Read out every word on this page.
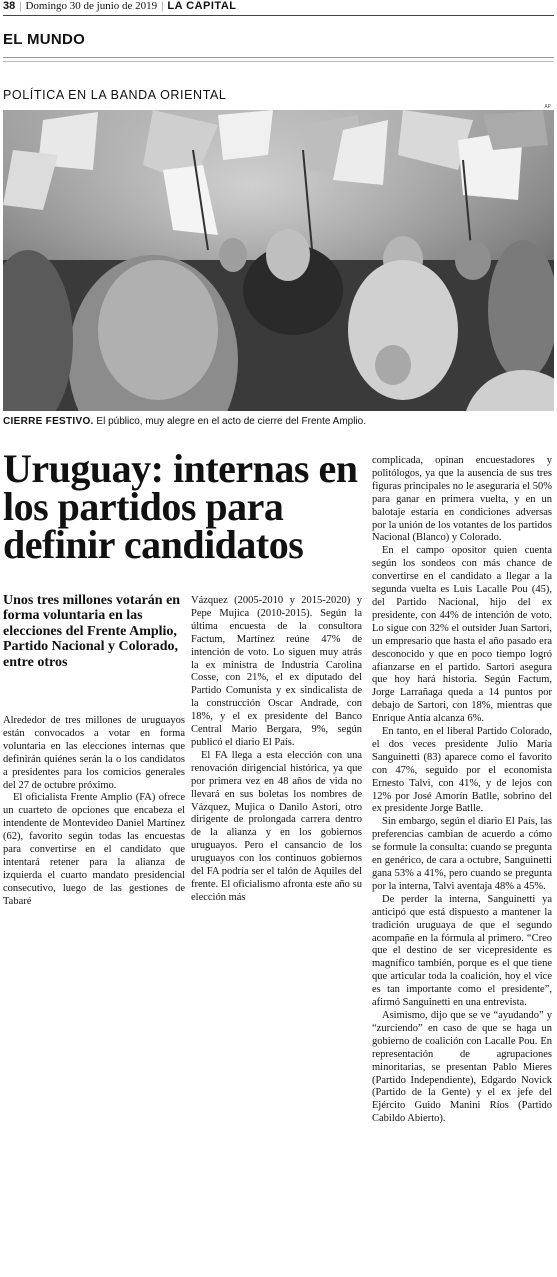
38 | Domingo 30 de junio de 2019 | LA CAPITAL
EL MUNDO
POLÍTICA EN LA BANDA ORIENTAL
AP
CIERRE FESTIVO. El público, muy alegre en el acto de cierre del Frente Amplio.
Uruguay: internas en los partidos para definir candidatos
Unos tres millones votarán en forma voluntaria en las elecciones del Frente Amplio, Partido Nacional y Colorado, entre otros

Alrededor de tres millones de uruguayos están convocados a votar en forma voluntaria en las elecciones internas que definirán quiénes serán la o los candidatos a presidentes para los comicios generales del 27 de octubre próximo.

El oficialista Frente Amplio (FA) ofrece un cuarteto de opciones que encabeza el intendente de Montevideo Daniel Martínez (62), favorito según todas las encuestas para convertirse en el candidato que intentará retener para la alianza de izquierda el cuarto mandato presidencial consecutivo, luego de las gestiones de Tabaré

Vázquez (2005-2010 y 2015-2020) y Pepe Mujica (2010-2015). Según la última encuesta de la consultora Factum, Martínez reúne 47% de intención de voto. Lo siguen muy atrás la ex ministra de Industria Carolina Cosse, con 21%, el ex diputado del Partido Comunista y ex sindicalista de la construcción Oscar Andrade, con 18%, y el ex presidente del Banco Central Mario Bergara, 9%, según publicó el diario El País.

El FA llega a esta elección con una renovación dirigencial histórica, ya que por primera vez en 48 años de vida no llevará en sus boletas los nombres de Vázquez, Mujica o Danilo Astori, otro dirigente de prolongada carrera dentro de la alianza y en los gobiernos uruguayos. Pero el cansancio de los uruguayos con los continuos gobiernos del FA podría ser el talón de Aquiles del frente. El oficialismo afronta este año su elección más

complicada, opinan encuestadores y politólogos, ya que la ausencia de sus tres figuras principales no le aseguraría el 50% para ganar en primera vuelta, y en un balotaje estaría en condiciones adversas por la unión de los votantes de los partidos Nacional (Blanco) y Colorado.

En el campo opositor quien cuenta según los sondeos con más chance de convertirse en el candidato a llegar a la segunda vuelta es Luis Lacalle Pou (45), del Partido Nacional, hijo del ex presidente, con 44% de intención de voto. Lo sigue con 32% el outsider Juan Sartori, un empresario que hasta el año pasado era desconocido y que en poco tiempo logró afianzarse en el partido. Sartori asegura que hoy hará historia. Según Factum, Jorge Larrañaga queda a 14 puntos por debajo de Sartori, con 18%, mientras que Enrique Antía alcanza 6%.

En tanto, en el liberal Partido Colorado, el dos veces presidente Julio María Sanguinetti (83) aparece como el favorito con 47%, seguido por el economista Ernesto Talvi, con 41%, y de lejos con 12% por José Amorín Batlle, sobrino del ex presidente Jorge Batlle.

Sin embargo, según el diario El País, las preferencias cambian de acuerdo a cómo se formule la consulta: cuando se pregunta en genérico, de cara a octubre, Sanguinetti gana 53% a 41%, pero cuando se pregunta por la interna, Talvi aventaja 48% a 45%.

De perder la interna, Sanguinetti ya anticipó que está dispuesto a mantener la tradición uruguaya de que el segundo acompañe en la fórmula al primero. “Creo que el destino de ser vicepresidente es magnífico también, porque es el que tiene que articular toda la coalición, hoy el vice es tan importante como el presidente”, afirmó Sanguinetti en una entrevista.

Asimismo, dijo que se ve “ayudando” y “zurciendo” en caso de que se haga un gobierno de coalición con Lacalle Pou. En representación de agrupaciones minoritarias, se presentan Pablo Mieres (Partido Independiente), Edgardo Novick (Partido de la Gente) y el ex jefe del Ejército Guido Manini Ríos (Partido Cabildo Abierto).
